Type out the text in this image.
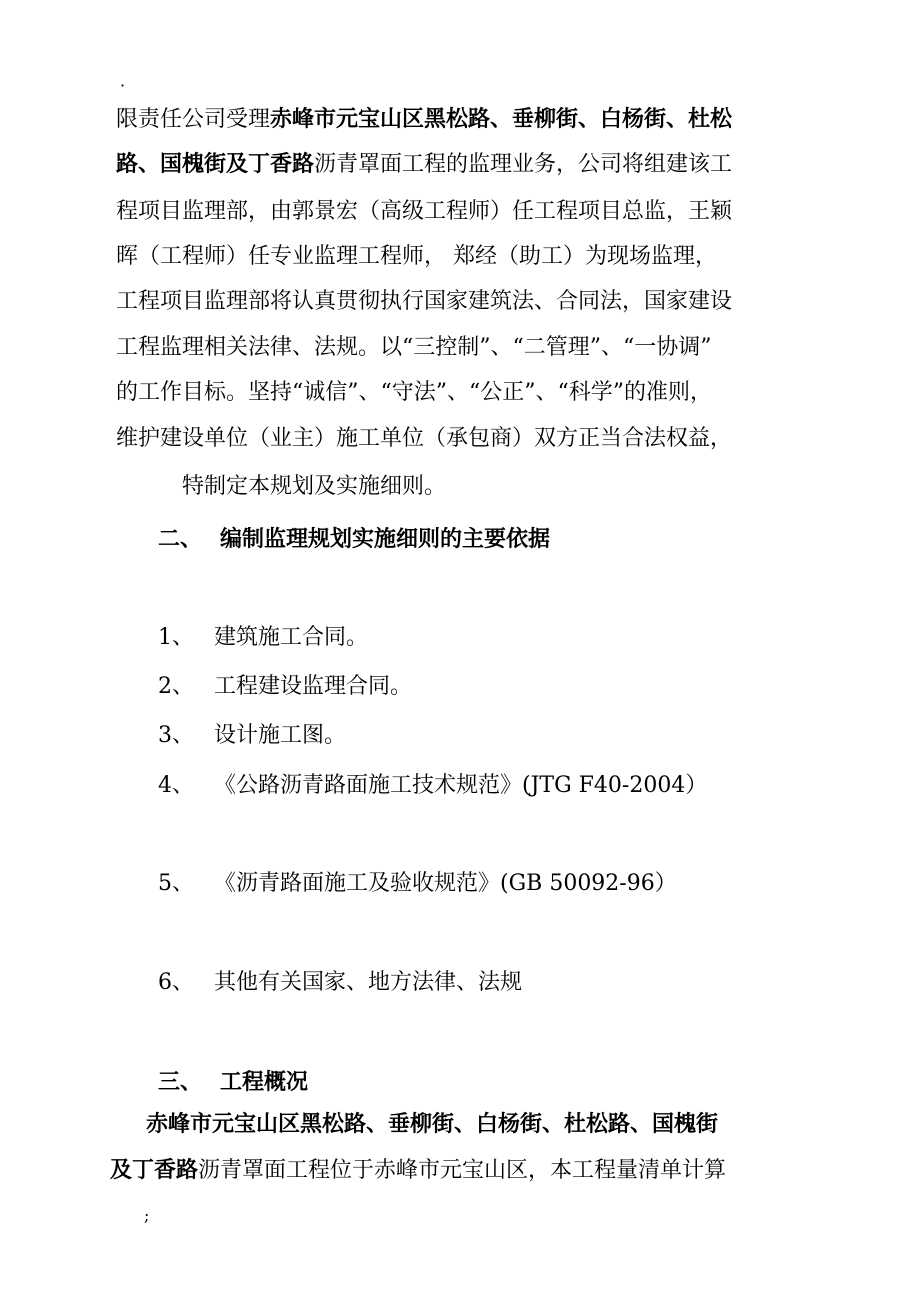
·
限责任公司受理赤峰市元宝山区黑松路、垂柳街、白杨街、杜松
路、国槐街及丁香路沥青罩面工程的监理业务，公司将组建该工
程项目监理部，由郭景宏（高级工程师）任工程项目总监，王颖
晖（工程师）任专业监理工程师， 郑经（助工）为现场监理，
工程项目监理部将认真贯彻执行国家建筑法、合同法，国家建设
工程监理相关法律、法规。以“三控制”、“二管理”、“一协调”
的工作目标。坚持“诚信”、“守法”、“公正”、“科学”的准则，
维护建设单位（业主）施工单位（承包商）双方正当合法权益，
特制定本规划及实施细则。
二、 编制监理规划实施细则的主要依据
1、 建筑施工合同。
2、 工程建设监理合同。
3、 设计施工图。
4、 《公路沥青路面施工技术规范》(JTG F40-2004）
5、 《沥青路面施工及验收规范》(GB 50092-96）
6、 其他有关国家、地方法律、法规
三、 工程概况
赤峰市元宝山区黑松路、垂柳街、白杨街、杜松路、国槐街
及丁香路沥青罩面工程位于赤峰市元宝山区，本工程量清单计算
;
